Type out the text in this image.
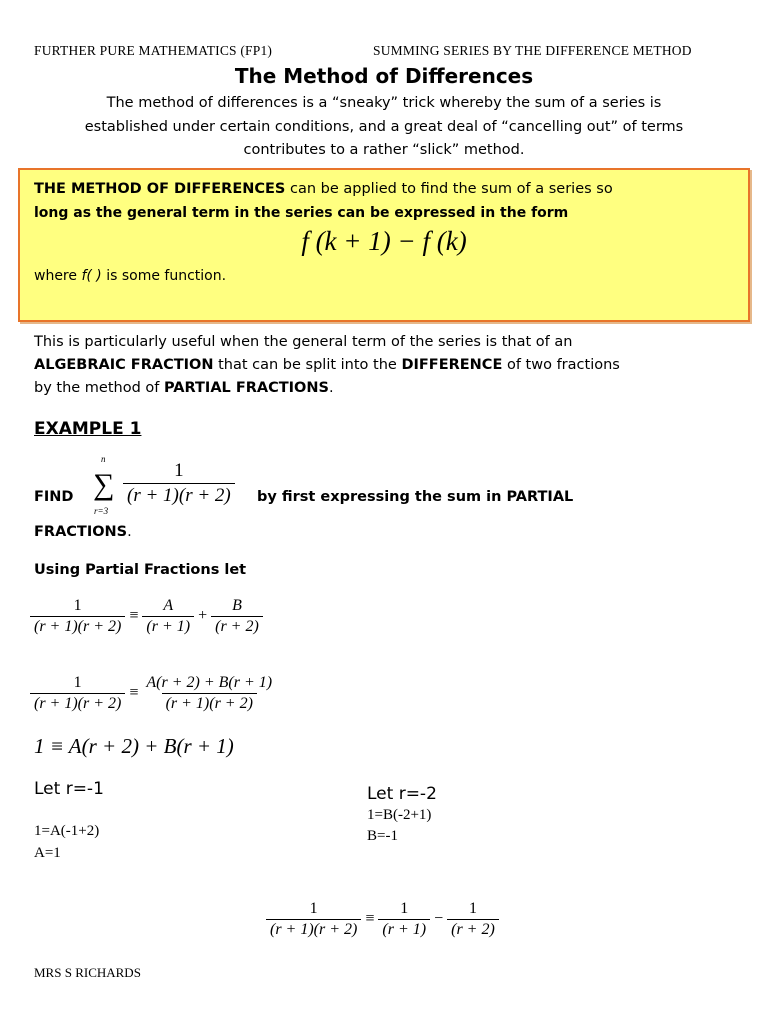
FURTHER PURE MATHEMATICS (FP1)	SUMMING SERIES BY THE DIFFERENCE METHOD
The Method of Differences
The method of differences is a “sneaky” trick whereby the sum of a series is
established under certain conditions, and a great deal of “cancelling out” of terms
contributes to a rather “slick” method.
THE METHOD OF DIFFERENCES can be applied to find the sum of a series so
long as the general term in the series can be expressed in the form
f (k + 1) − f (k)
where f( ) is some function.
This is particularly useful when the general term of the series is that of an
ALGEBRAIC FRACTION that can be split into the DIFFERENCE of two fractions
by the method of PARTIAL FRACTIONS.
EXAMPLE 1
FIND
n
∑
r=3
$\frac{1}{(r + 1)(r + 2)}$ by first expressing the sum in PARTIAL
FRACTIONS.
Using Partial Fractions let
$\frac{1}{(r + 1)(r + 2)} \equiv \frac{A}{(r + 1)} + \frac{B}{(r + 2)}$
$\frac{1}{(r + 1)(r + 2)} \equiv \frac{A(r + 2) + B(r + 1)}{(r + 1)(r + 2)}$
1 ≡ A(r + 2) + B(r + 1)
Let r=-1
1=A(-1+2)
A=1
Let r=-2
1=B(-2+1)
B=-1
$\frac{1}{(r + 1)(r + 2)} \equiv \frac{1}{(r + 1)} - \frac{1}{(r + 2)}$
MRS S RICHARDS
